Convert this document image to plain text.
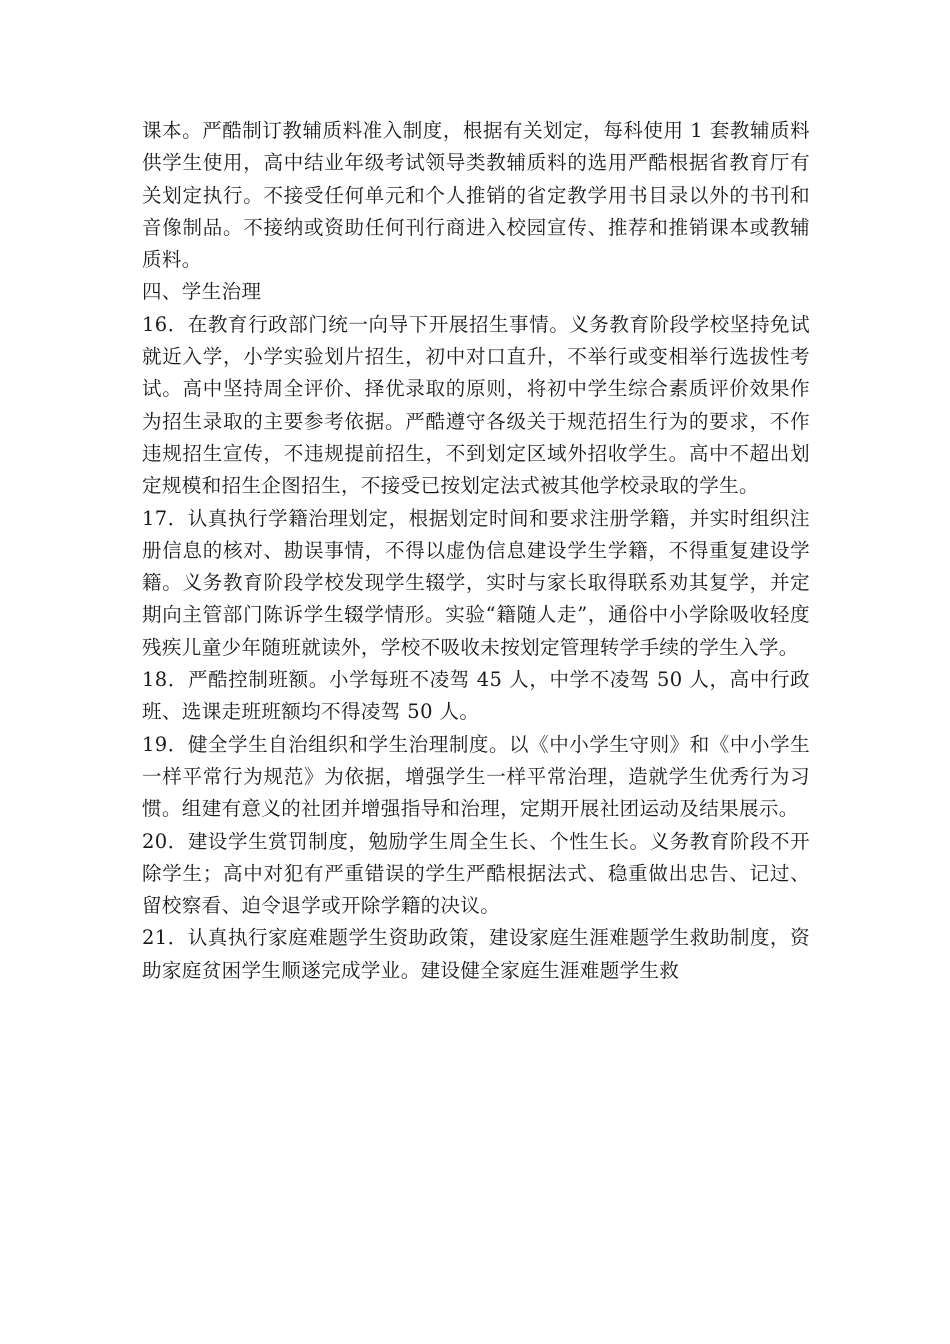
课本。严酷制订教辅质料准入制度，根据有关划定，每科使用 1 套教辅质料供学生使用，高中结业年级考试领导类教辅质料的选用严酷根据省教育厅有关划定执行。不接受任何单元和个人推销的省定教学用书目录以外的书刊和音像制品。不接纳或资助任何刊行商进入校园宣传、推荐和推销课本或教辅质料。

四、学生治理

16．在教育行政部门统一向导下开展招生事情。义务教育阶段学校坚持免试就近入学，小学实验划片招生，初中对口直升，不举行或变相举行选拔性考试。高中坚持周全评价、择优录取的原则，将初中学生综合素质评价效果作为招生录取的主要参考依据。严酷遵守各级关于规范招生行为的要求，不作违规招生宣传，不违规提前招生，不到划定区域外招收学生。高中不超出划定规模和招生企图招生，不接受已按划定法式被其他学校录取的学生。

17．认真执行学籍治理划定，根据划定时间和要求注册学籍，并实时组织注册信息的核对、勘误事情，不得以虚伪信息建设学生学籍，不得重复建设学籍。义务教育阶段学校发现学生辍学，实时与家长取得联系劝其复学，并定期向主管部门陈诉学生辍学情形。实验“籍随人走”，通俗中小学除吸收轻度残疾儿童少年随班就读外，学校不吸收未按划定管理转学手续的学生入学。

18．严酷控制班额。小学每班不凌驾 45 人，中学不凌驾 50 人，高中行政班、选课走班班额均不得凌驾 50 人。

19．健全学生自治组织和学生治理制度。以《中小学生守则》和《中小学生一样平常行为规范》为依据，增强学生一样平常治理，造就学生优秀行为习惯。组建有意义的社团并增强指导和治理，定期开展社团运动及结果展示。

20．建设学生赏罚制度，勉励学生周全生长、个性生长。义务教育阶段不开除学生；高中对犯有严重错误的学生严酷根据法式、稳重做出忠告、记过、留校察看、迫令退学或开除学籍的决议。

21．认真执行家庭难题学生资助政策，建设家庭生涯难题学生救助制度，资助家庭贫困学生顺遂完成学业。建设健全家庭生涯难题学生救
